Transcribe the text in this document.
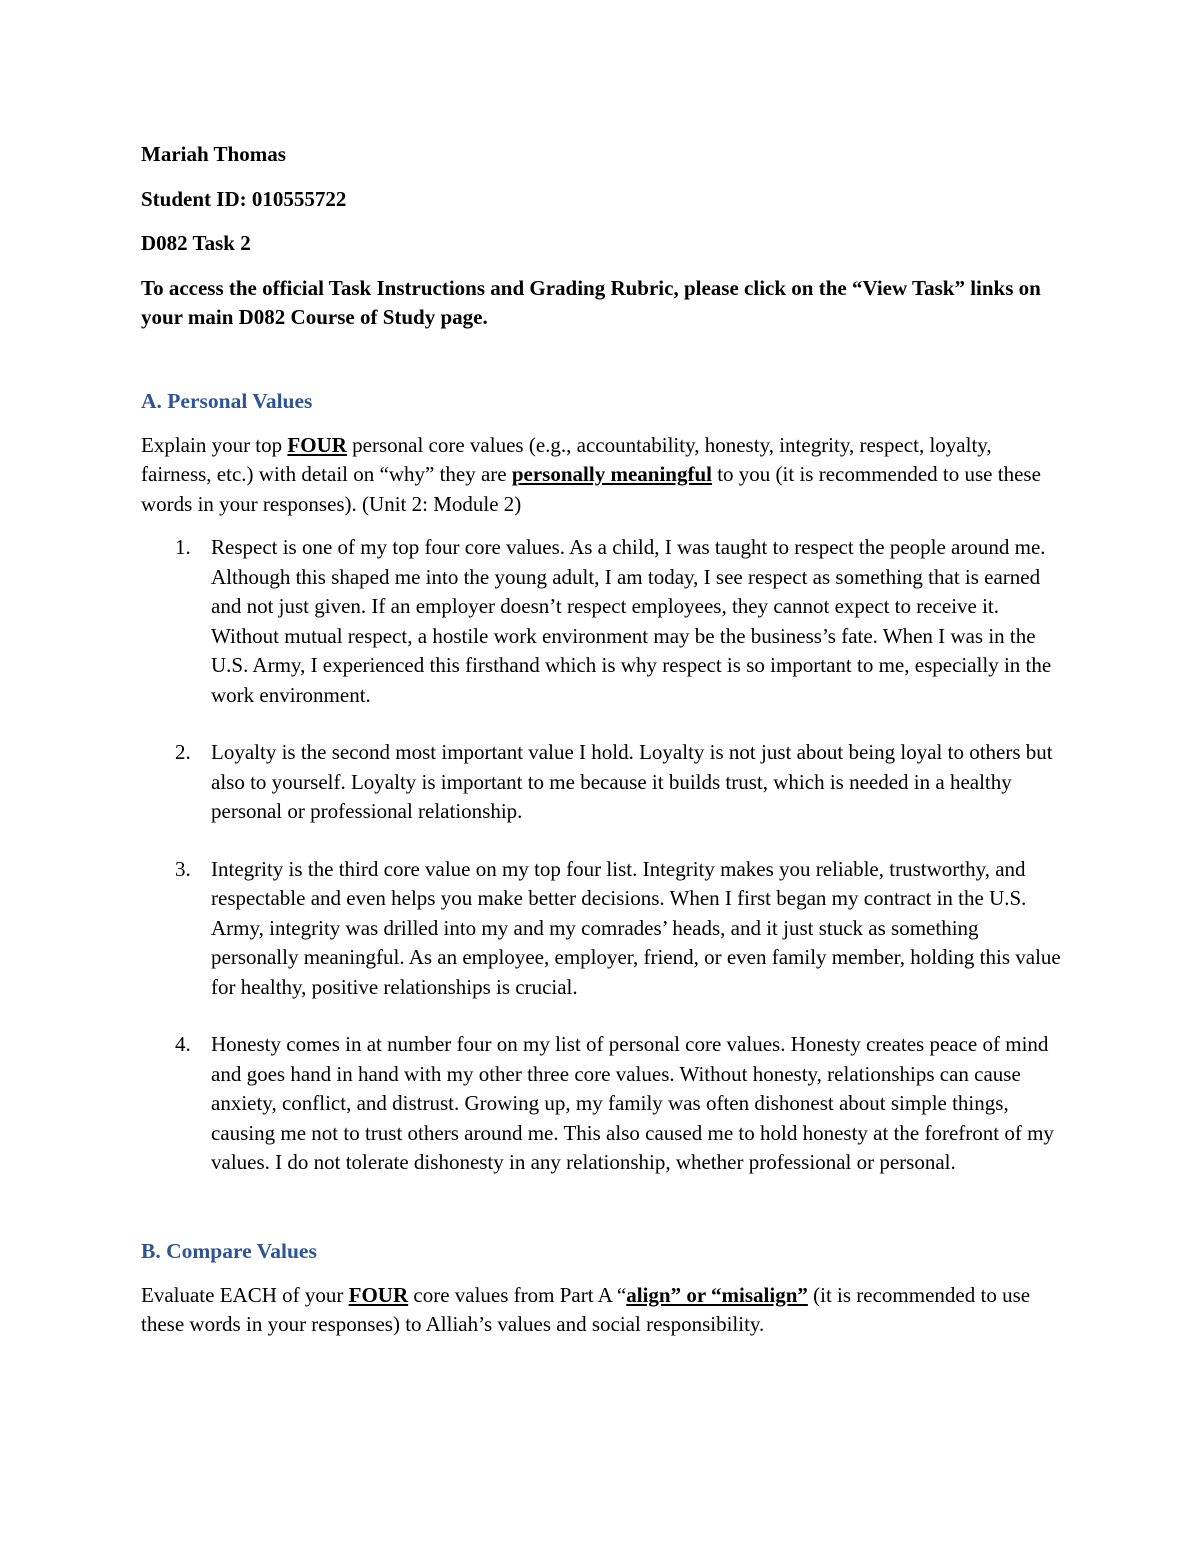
Mariah Thomas

Student ID: 010555722

D082 Task 2

To access the official Task Instructions and Grading Rubric, please click on the “View Task” links on your main D082 Course of Study page.

A. Personal Values

Explain your top FOUR personal core values (e.g., accountability, honesty, integrity, respect, loyalty, fairness, etc.) with detail on “why” they are personally meaningful to you (it is recommended to use these words in your responses). (Unit 2: Module 2)

1. Respect is one of my top four core values. As a child, I was taught to respect the people around me. Although this shaped me into the young adult, I am today, I see respect as something that is earned and not just given. If an employer doesn’t respect employees, they cannot expect to receive it. Without mutual respect, a hostile work environment may be the business’s fate. When I was in the U.S. Army, I experienced this firsthand which is why respect is so important to me, especially in the work environment.
2. Loyalty is the second most important value I hold. Loyalty is not just about being loyal to others but also to yourself. Loyalty is important to me because it builds trust, which is needed in a healthy personal or professional relationship.
3. Integrity is the third core value on my top four list. Integrity makes you reliable, trustworthy, and respectable and even helps you make better decisions. When I first began my contract in the U.S. Army, integrity was drilled into my and my comrades’ heads, and it just stuck as something personally meaningful. As an employee, employer, friend, or even family member, holding this value for healthy, positive relationships is crucial.
4. Honesty comes in at number four on my list of personal core values. Honesty creates peace of mind and goes hand in hand with my other three core values. Without honesty, relationships can cause anxiety, conflict, and distrust. Growing up, my family was often dishonest about simple things, causing me not to trust others around me. This also caused me to hold honesty at the forefront of my values. I do not tolerate dishonesty in any relationship, whether professional or personal.

B. Compare Values

Evaluate EACH of your FOUR core values from Part A “align” or “misalign” (it is recommended to use these words in your responses) to Alliah’s values and social responsibility.
